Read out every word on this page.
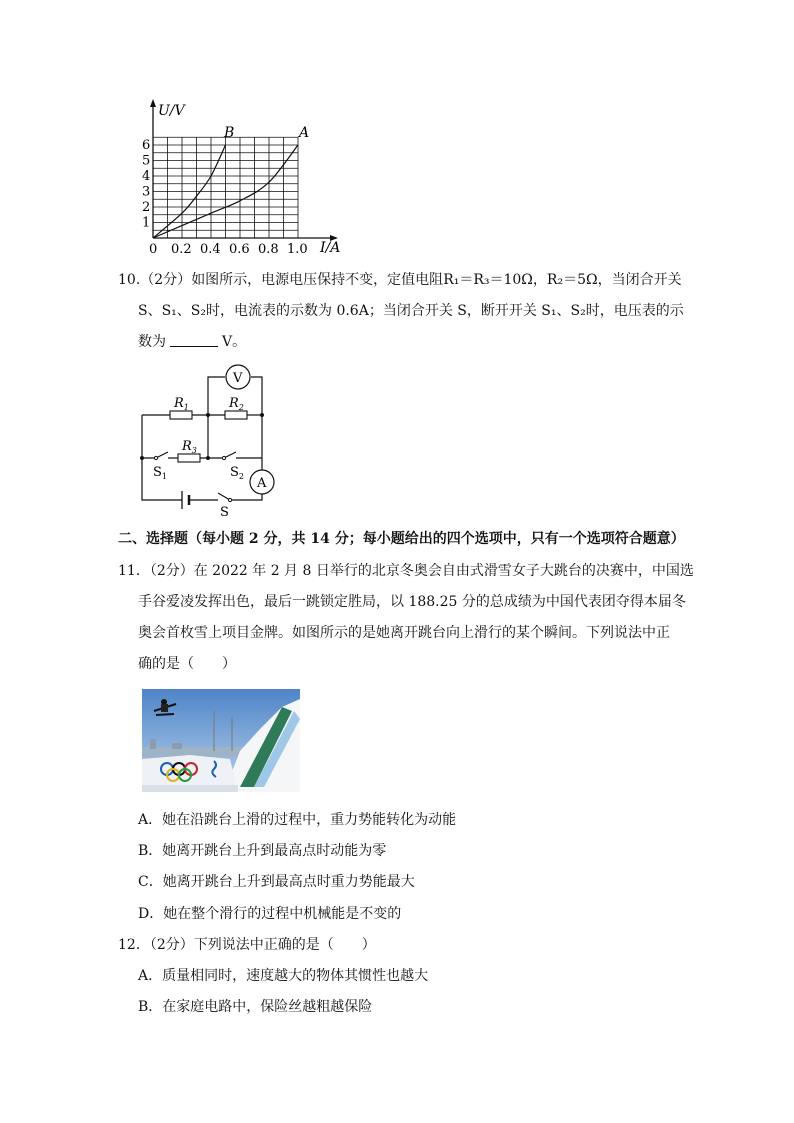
U/V
I/A
1
2
3
4
5
6
0 0.2 0.4 0.6 0.8 1.0
B	A
10.（2分）如图所示，电源电压保持不变，定值电阻R₁＝R₃＝10Ω，R₂＝5Ω，当闭合开关
S、S₁、S₂时，电流表的示数为 0.6A；当闭合开关 S，断开开关 S₁、S₂时，电压表的示
数为	V。
V
A
$R_1$	$R_2$
$R_3$
$S_1$	$S_2$
S
二、选择题（每小题 2 分，共 14 分；每小题给出的四个选项中，只有一个选项符合题意）
11．（2分）在 2022 年 2 月 8 日举行的北京冬奥会自由式滑雪女子大跳台的决赛中，中国选
手谷爱凌发挥出色，最后一跳锁定胜局，以 188.25 分的总成绩为中国代表团夺得本届冬
奥会首枚雪上项目金牌。如图所示的是她离开跳台向上滑行的某个瞬间。下列说法中正
确的是（　　）
A．她在沿跳台上滑的过程中，重力势能转化为动能
B．她离开跳台上升到最高点时动能为零
C．她离开跳台上升到最高点时重力势能最大
D．她在整个滑行的过程中机械能是不变的
12．（2分）下列说法中正确的是（　　）
A．质量相同时，速度越大的物体其惯性也越大
B．在家庭电路中，保险丝越粗越保险
